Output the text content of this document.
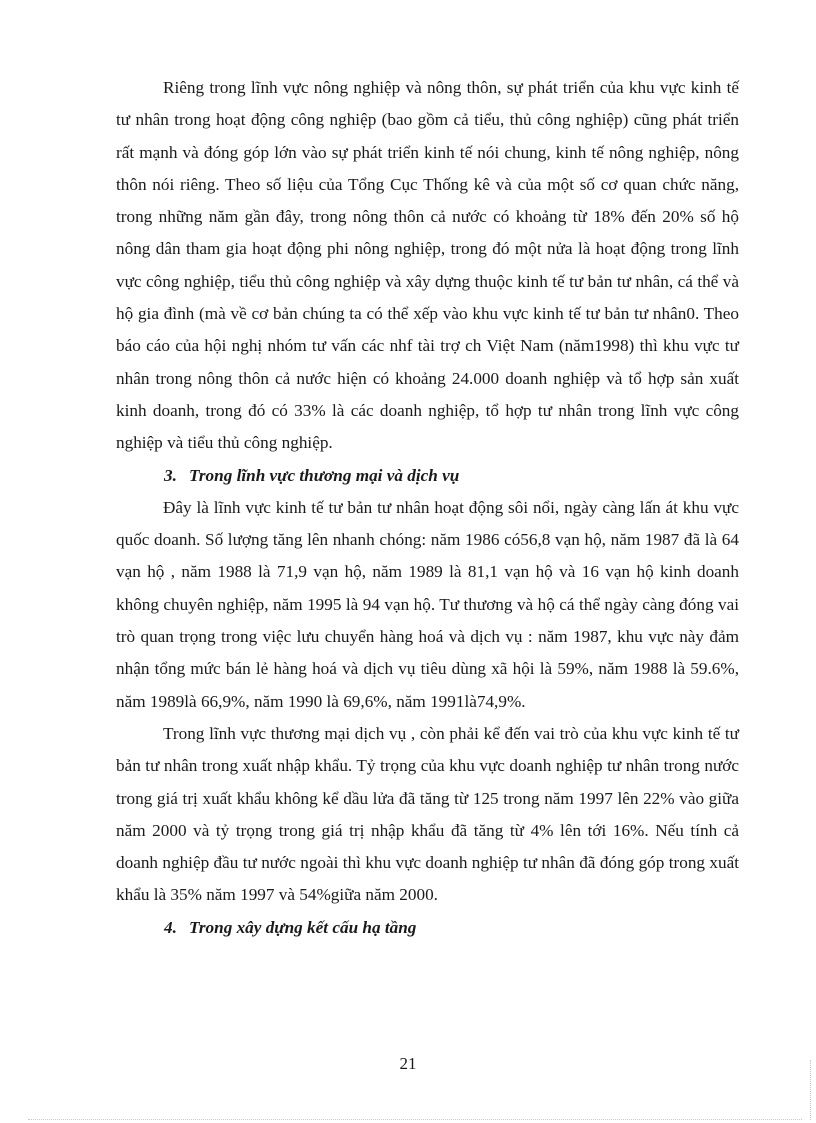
Riêng trong lĩnh vực nông nghiệp và nông thôn, sự phát triển của khu vực kinh tế tư nhân trong hoạt động công nghiệp (bao gồm cả tiểu, thủ công nghiệp) cũng phát triển rất mạnh và đóng góp lớn vào sự phát triển kinh tế nói chung, kinh tế nông nghiệp, nông thôn nói riêng. Theo số liệu của Tổng Cục Thống kê và của một số cơ quan chức năng, trong những năm gần đây, trong nông thôn cả nước có khoảng từ 18% đến 20% số hộ nông dân tham gia hoạt động phi nông nghiệp, trong đó một nửa là hoạt động trong lĩnh vực công nghiệp, tiểu thủ công nghiệp và xây dựng thuộc kinh tế tư bản tư nhân, cá thể và hộ gia đình (mà về cơ bản chúng ta có thể xếp vào khu vực kinh tế tư bản tư nhân0. Theo báo cáo của hội nghị nhóm tư vấn các nhf tài trợ ch Việt Nam (năm1998) thì khu vực tư nhân trong nông thôn cả nước hiện có khoảng 24.000 doanh nghiệp và tổ hợp sản xuất kinh doanh, trong đó có 33% là các doanh nghiệp, tổ hợp tư nhân trong lĩnh vực công nghiệp và tiểu thủ công nghiệp.

3. Trong lĩnh vực thương mại và dịch vụ

Đây là lĩnh vực kinh tế tư bản tư nhân hoạt động sôi nổi, ngày càng lấn át khu vực quốc doanh. Số lượng tăng lên nhanh chóng: năm 1986 có56,8 vạn hộ, năm 1987 đã là 64 vạn hộ , năm 1988 là 71,9 vạn hộ, năm 1989 là 81,1 vạn hộ và 16 vạn hộ kinh doanh không chuyên nghiệp, năm 1995 là 94 vạn hộ. Tư thương và hộ cá thể ngày càng đóng vai trò quan trọng trong việc lưu chuyển hàng hoá và dịch vụ : năm 1987, khu vực này đảm nhận tổng mức bán lẻ hàng hoá và dịch vụ tiêu dùng xã hội là 59%, năm 1988 là 59.6%, năm 1989là 66,9%, năm 1990 là 69,6%, năm 1991là74,9%.

Trong lĩnh vực thương mại dịch vụ , còn phải kể đến vai trò của khu vực kinh tế tư bản tư nhân trong xuất nhập khẩu. Tỷ trọng của khu vực doanh nghiệp tư nhân trong nước trong giá trị xuất khẩu không kể dầu lửa đã tăng từ 125 trong năm 1997 lên 22% vào giữa năm 2000 và tỷ trọng trong giá trị nhập khẩu đã tăng từ 4% lên tới 16%. Nếu tính cả doanh nghiệp đầu tư nước ngoài thì khu vực doanh nghiệp tư nhân đã đóng góp trong xuất khẩu là 35% năm 1997 và 54%giữa năm 2000.

4. Trong xây dựng kết cấu hạ tầng

21
